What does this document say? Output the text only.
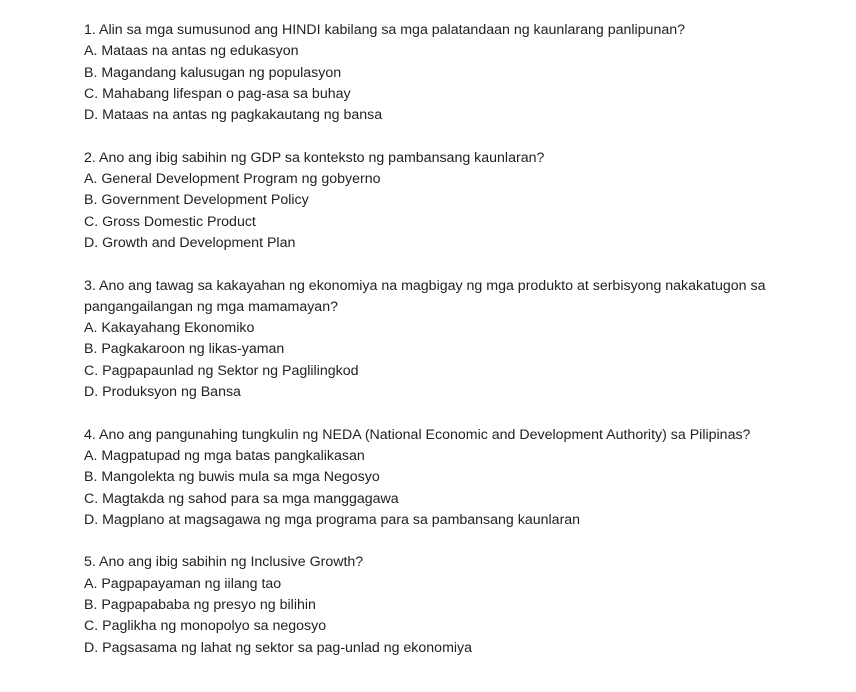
1. Alin sa mga sumusunod ang HINDI kabilang sa mga palatandaan ng kaunlarang panlipunan?
A. Mataas na antas ng edukasyon
B. Magandang kalusugan ng populasyon
C. Mahabang lifespan o pag-asa sa buhay
D. Mataas na antas ng pagkakautang ng bansa
2. Ano ang ibig sabihin ng GDP sa konteksto ng pambansang kaunlaran?
A. General Development Program ng gobyerno
B. Government Development Policy
C. Gross Domestic Product
D. Growth and Development Plan
3. Ano ang tawag sa kakayahan ng ekonomiya na magbigay ng mga produkto at serbisyong nakakatugon sa pangangailangan ng mga mamamayan?
A. Kakayahang Ekonomiko
B. Pagkakaroon ng likas-yaman
C. Pagpapaunlad ng Sektor ng Paglilingkod
D. Produksyon ng Bansa
4. Ano ang pangunahing tungkulin ng NEDA (National Economic and Development Authority) sa Pilipinas?
A. Magpatupad ng mga batas pangkalikasan
B. Mangolekta ng buwis mula sa mga Negosyo
C. Magtakda ng sahod para sa mga manggagawa
D. Magplano at magsagawa ng mga programa para sa pambansang kaunlaran
5. Ano ang ibig sabihin ng Inclusive Growth?
A. Pagpapayaman ng iilang tao
B. Pagpapababa ng presyo ng bilihin
C. Paglikha ng monopolyo sa negosyo
D. Pagsasama ng lahat ng sektor sa pag-unlad ng ekonomiya
